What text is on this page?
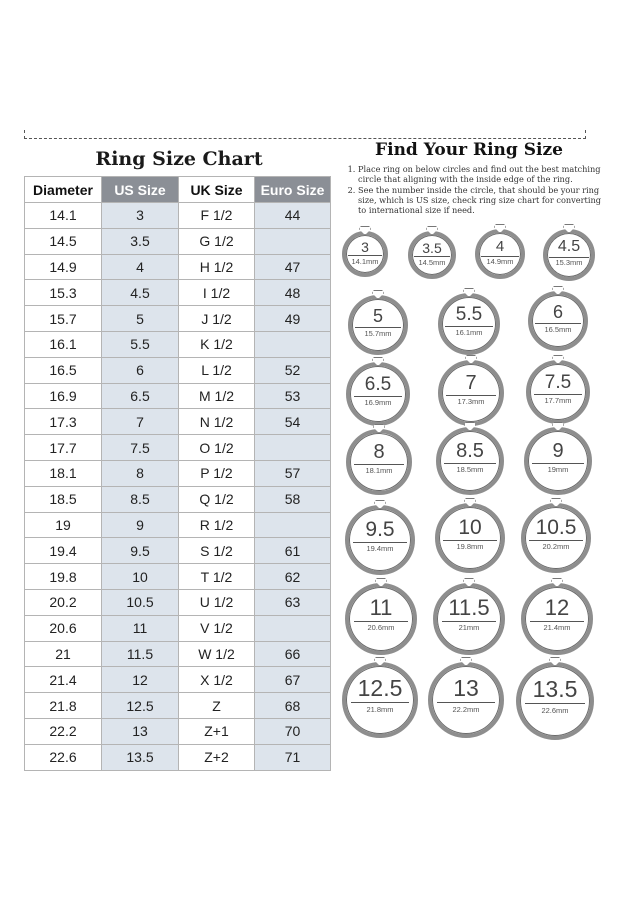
Ring Size Chart
Diameter	US Size	UK Size	Euro Size
14.1	3	F 1/2	44
14.5	3.5	G 1/2	
14.9	4	H 1/2	47
15.3	4.5	I 1/2	48
15.7	5	J 1/2	49
16.1	5.5	K 1/2	
16.5	6	L 1/2	52
16.9	6.5	M 1/2	53
17.3	7	N 1/2	54
17.7	7.5	O 1/2	
18.1	8	P 1/2	57
18.5	8.5	Q 1/2	58
19	9	R 1/2	
19.4	9.5	S 1/2	61
19.8	10	T 1/2	62
20.2	10.5	U 1/2	63
20.6	11	V 1/2	
21	11.5	W 1/2	66
21.4	12	X 1/2	67
21.8	12.5	Z	68
22.2	13	Z+1	70
22.6	13.5	Z+2	71
Find Your Ring Size
1. Place ring on below circles and find out the best matching circle that aligning with the inside edge of the ring.
2. See the number inside the circle, that should be your ring size, which is US size, check ring size chart for converting to international size if need.
3
14.1mm
3.5
14.5mm
4
14.9mm
4.5
15.3mm
5
15.7mm
5.5
16.1mm
6
16.5mm
6.5
16.9mm
7
17.3mm
7.5
17.7mm
8
18.1mm
8.5
18.5mm
9
19mm
9.5
19.4mm
10
19.8mm
10.5
20.2mm
11
20.6mm
11.5
21mm
12
21.4mm
12.5
21.8mm
13
22.2mm
13.5
22.6mm
